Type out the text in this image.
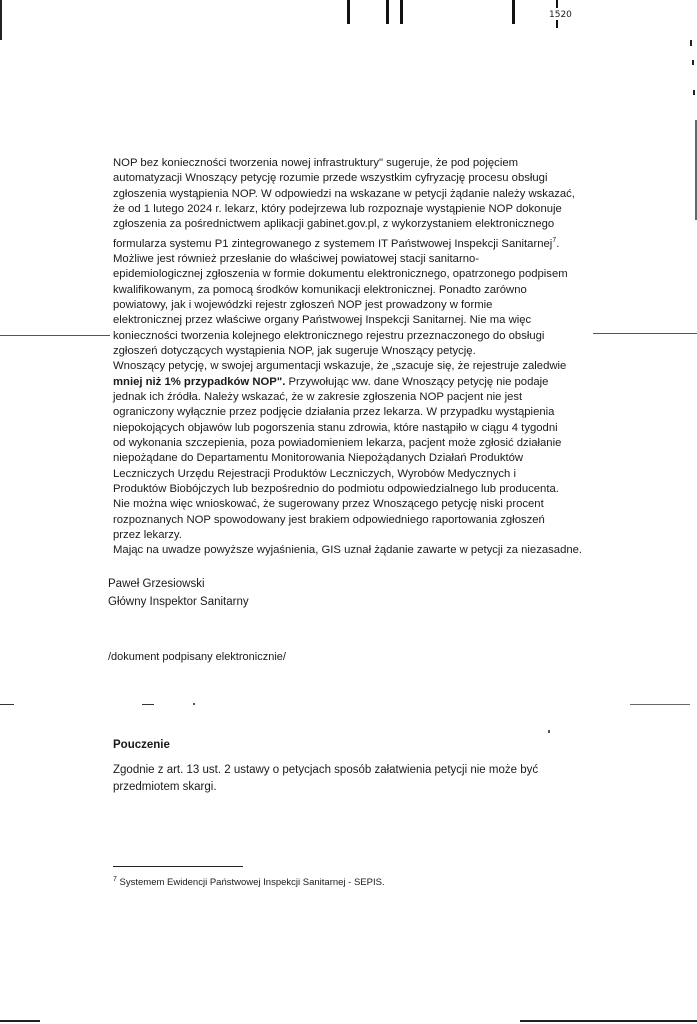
1520
NOP bez konieczności tworzenia nowej infrastruktury" sugeruje, że pod pojęciem
automatyzacji Wnoszący petycję rozumie przede wszystkim cyfryzację procesu obsługi
zgłoszenia wystąpienia NOP. W odpowiedzi na wskazane w petycji żądanie należy wskazać,
że od 1 lutego 2024 r. lekarz, który podejrzewa lub rozpoznaje wystąpienie NOP dokonuje
zgłoszenia za pośrednictwem aplikacji gabinet.gov.pl, z wykorzystaniem elektronicznego
formularza systemu P1 zintegrowanego z systemem IT Państwowej Inspekcji Sanitarnej$^7$.
Możliwe jest również przesłanie do właściwej powiatowej stacji sanitarno-
epidemiologicznej zgłoszenia w formie dokumentu elektronicznego, opatrzonego podpisem
kwalifikowanym, za pomocą środków komunikacji elektronicznej. Ponadto zarówno
powiatowy, jak i wojewódzki rejestr zgłoszeń NOP jest prowadzony w formie
elektronicznej przez właściwe organy Państwowej Inspekcji Sanitarnej. Nie ma więc
konieczności tworzenia kolejnego elektronicznego rejestru przeznaczonego do obsługi
zgłoszeń dotyczących wystąpienia NOP, jak sugeruje Wnoszący petycję.
Wnoszący petycję, w swojej argumentacji wskazuje, że „szacuje się, że rejestruje zaledwie
mniej niż 1% przypadków NOP". Przywołując ww. dane Wnoszący petycję nie podaje
jednak ich źródła. Należy wskazać, że w zakresie zgłoszenia NOP pacjent nie jest
ograniczony wyłącznie przez podjęcie działania przez lekarza. W przypadku wystąpienia
niepokojących objawów lub pogorszenia stanu zdrowia, które nastąpiło w ciągu 4 tygodni
od wykonania szczepienia, poza powiadomieniem lekarza, pacjent może zgłosić działanie
niepożądane do Departamentu Monitorowania Niepożądanych Działań Produktów
Leczniczych Urzędu Rejestracji Produktów Leczniczych, Wyrobów Medycznych i
Produktów Biobójczych lub bezpośrednio do podmiotu odpowiedzialnego lub producenta.
Nie można więc wnioskować, że sugerowany przez Wnoszącego petycję niski procent
rozpoznanych NOP spowodowany jest brakiem odpowiedniego raportowania zgłoszeń
przez lekarzy.
Mając na uwadze powyższe wyjaśnienia, GIS uznał żądanie zawarte w petycji za niezasadne.
Paweł Grzesiowski
Główny Inspektor Sanitarny
/dokument podpisany elektronicznie/
Pouczenie
Zgodnie z art. 13 ust. 2 ustawy o petycjach sposób załatwienia petycji nie może być
przedmiotem skargi.
$^7$ Systemem Ewidencji Państwowej Inspekcji Sanitarnej - SEPIS.
